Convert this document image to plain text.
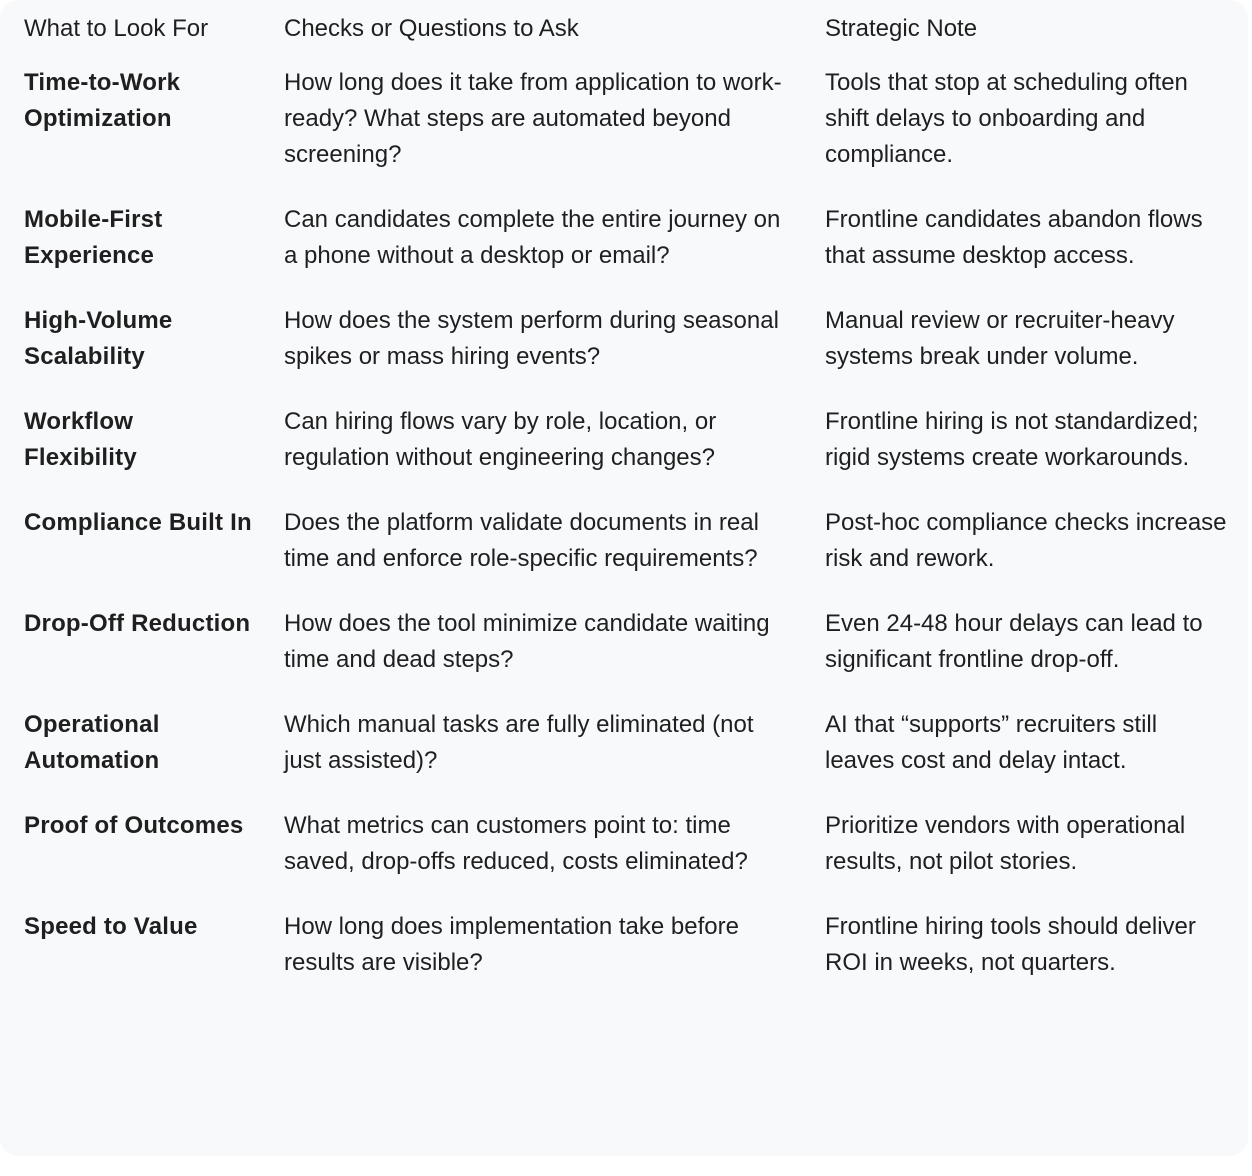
What to Look For	Checks or Questions to Ask	Strategic Note
Time-to-Work Optimization	How long does it take from application to work-ready? What steps are automated beyond screening?	Tools that stop at scheduling often shift delays to onboarding and compliance.
Mobile-First Experience	Can candidates complete the entire journey on a phone without a desktop or email?	Frontline candidates abandon flows that assume desktop access.
High-Volume Scalability	How does the system perform during seasonal spikes or mass hiring events?	Manual review or recruiter-heavy systems break under volume.
Workflow Flexibility	Can hiring flows vary by role, location, or regulation without engineering changes?	Frontline hiring is not standardized; rigid systems create workarounds.
Compliance Built In	Does the platform validate documents in real time and enforce role-specific requirements?	Post-hoc compliance checks increase risk and rework.
Drop-Off Reduction	How does the tool minimize candidate waiting time and dead steps?	Even 24-48 hour delays can lead to significant frontline drop-off.
Operational Automation	Which manual tasks are fully eliminated (not just assisted)?	AI that “supports” recruiters still leaves cost and delay intact.
Proof of Outcomes	What metrics can customers point to: time saved, drop-offs reduced, costs eliminated?	Prioritize vendors with operational results, not pilot stories.
Speed to Value	How long does implementation take before results are visible?	Frontline hiring tools should deliver ROI in weeks, not quarters.
